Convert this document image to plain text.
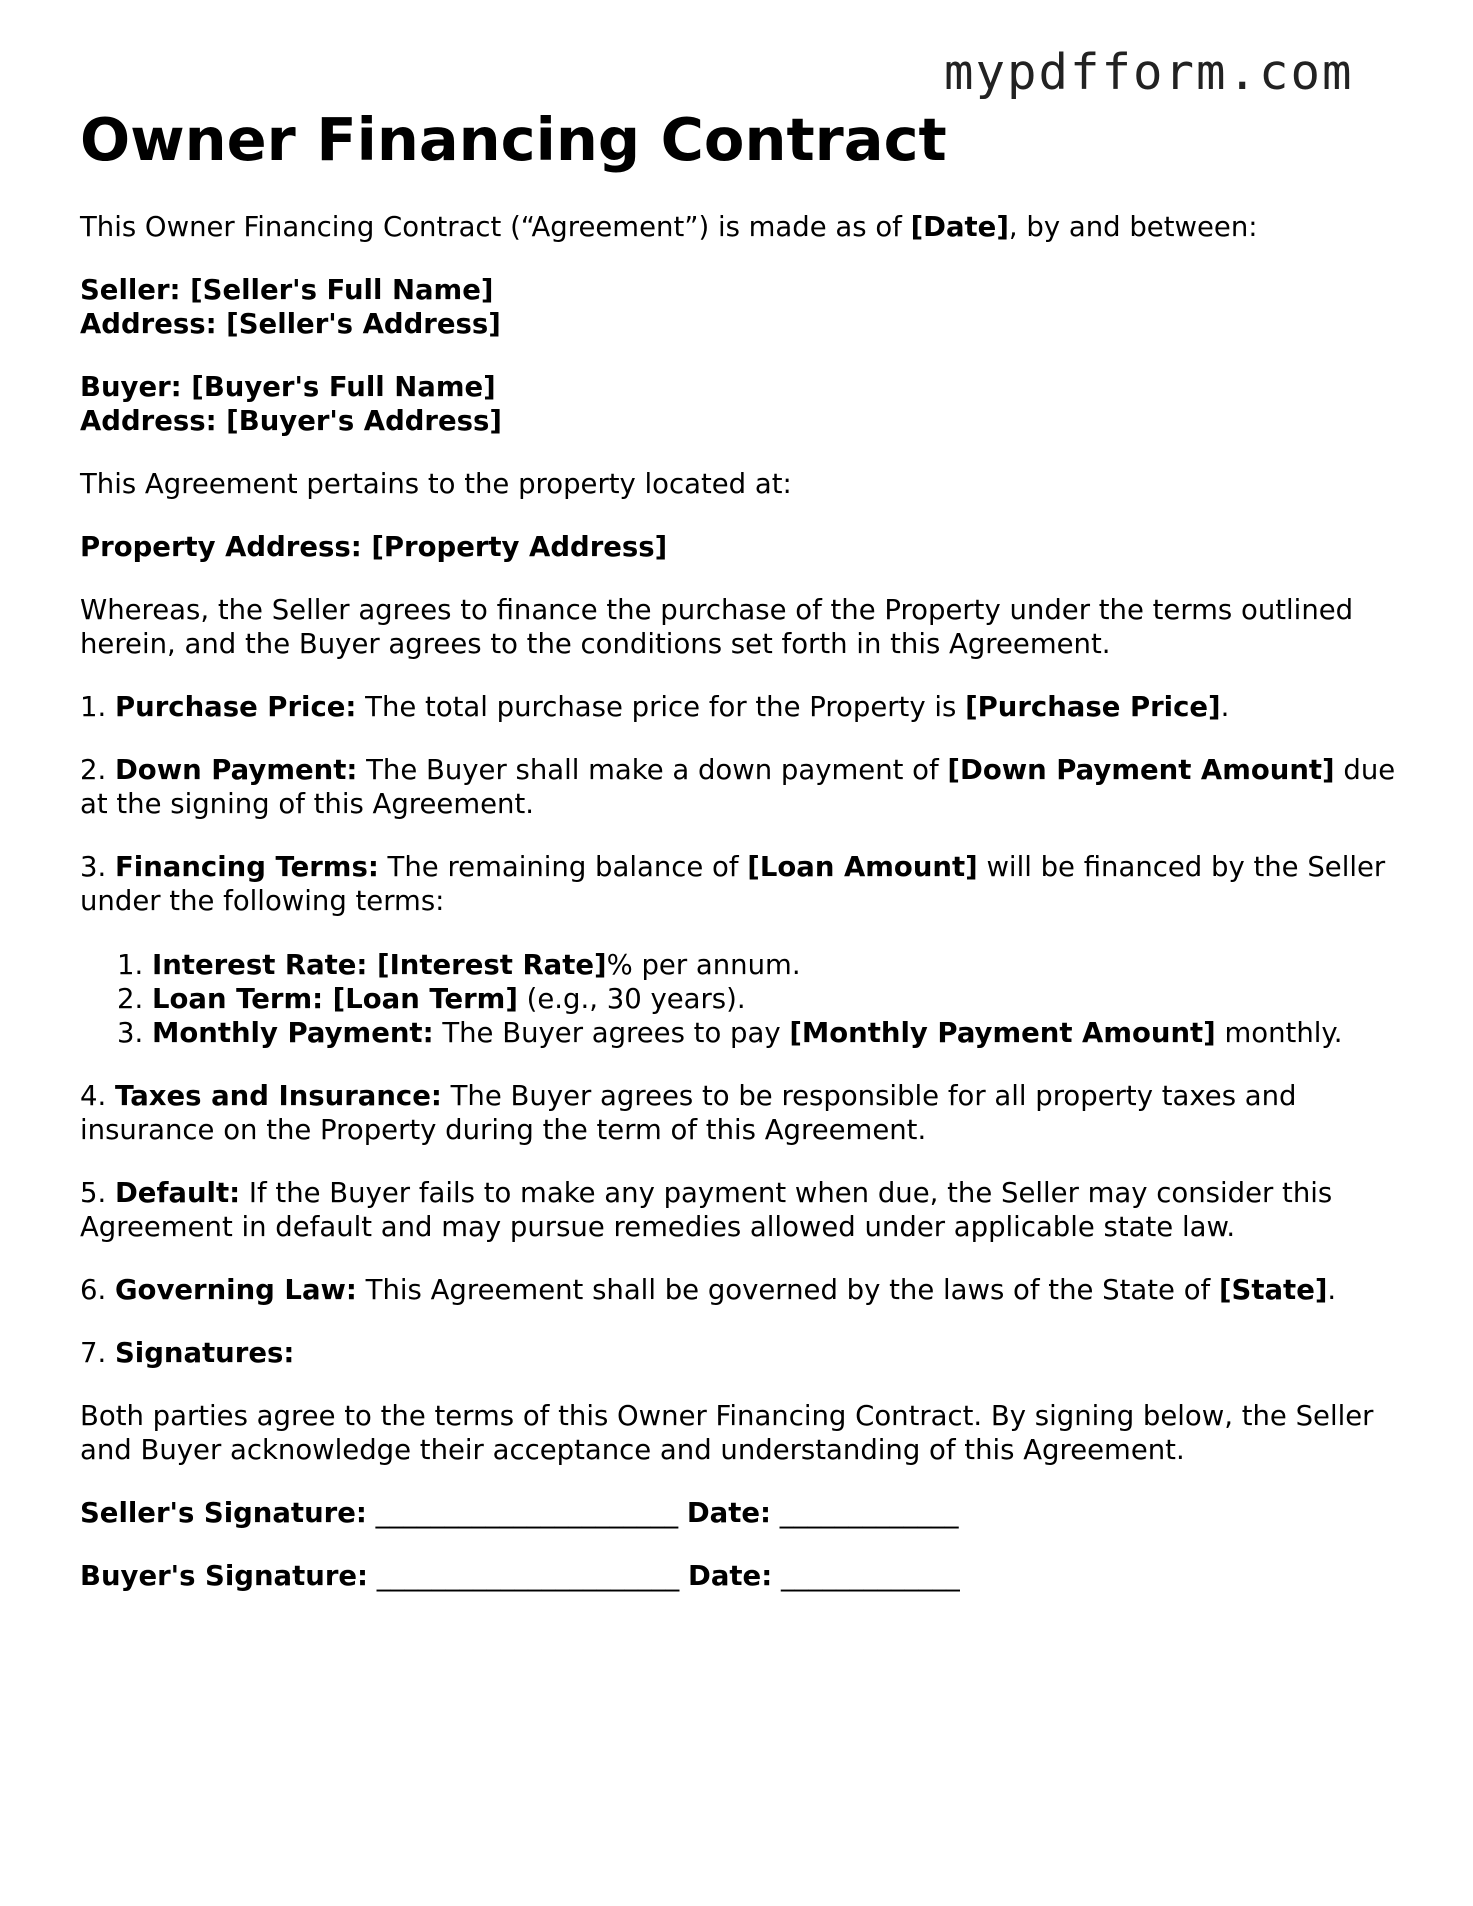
mypdfform.com
Owner Financing Contract

This Owner Financing Contract (“Agreement”) is made as of [Date], by and between:

Seller: [Seller's Full Name]
Address: [Seller's Address]

Buyer: [Buyer's Full Name]
Address: [Buyer's Address]

This Agreement pertains to the property located at:

Property Address: [Property Address]

Whereas, the Seller agrees to finance the purchase of the Property under the terms outlined herein, and the Buyer agrees to the conditions set forth in this Agreement.

1. Purchase Price: The total purchase price for the Property is [Purchase Price].

2. Down Payment: The Buyer shall make a down payment of [Down Payment Amount] due at the signing of this Agreement.

3. Financing Terms: The remaining balance of [Loan Amount] will be financed by the Seller under the following terms:

1. Interest Rate: [Interest Rate]% per annum.
2. Loan Term: [Loan Term] (e.g., 30 years).
3. Monthly Payment: The Buyer agrees to pay [Monthly Payment Amount] monthly.

4. Taxes and Insurance: The Buyer agrees to be responsible for all property taxes and insurance on the Property during the term of this Agreement.

5. Default: If the Buyer fails to make any payment when due, the Seller may consider this Agreement in default and may pursue remedies allowed under applicable state law.

6. Governing Law: This Agreement shall be governed by the laws of the State of [State].

7. Signatures:

Both parties agree to the terms of this Owner Financing Contract. By signing below, the Seller and Buyer acknowledge their acceptance and understanding of this Agreement.

Seller's Signature: ______________________ Date: _____________

Buyer's Signature: ______________________ Date: _____________
